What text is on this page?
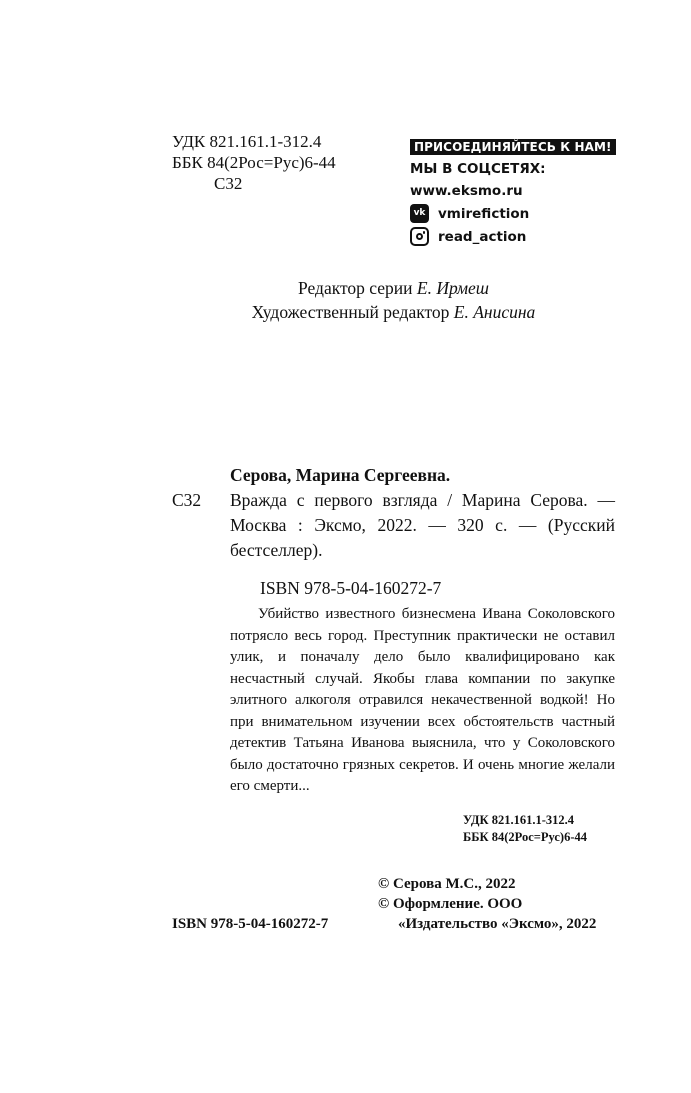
УДК 821.161.1-312.4
ББК 84(2Рос=Рус)6-44
С32
ПРИСОЕДИНЯЙТЕСЬ К НАМ!
МЫ В СОЦСЕТЯХ:
www.eksmo.ru
vk vmirefiction
read_action
Редактор серии Е. Ирмеш
Художественный редактор Е. Анисина
Серова, Марина Сергеевна.
С32	Вражда с первого взгляда / Марина Серова. — Москва : Эксмо, 2022. — 320 с. — (Русский бестселлер).
ISBN 978-5-04-160272-7
Убийство известного бизнесмена Ивана Соколовского потрясло весь город. Преступник практически не оставил улик, и поначалу дело было квалифицировано как несчастный случай. Якобы глава компании по закупке элитного алкоголя отравился некачественной водкой! Но при внимательном изучении всех обстоятельств частный детектив Татьяна Иванова выяснила, что у Соколовского было достаточно грязных секретов. И очень многие желали его смерти...
УДК 821.161.1-312.4
ББК 84(2Рос=Рус)6-44
© Серова М.С., 2022
© Оформление. ООО
«Издательство «Эксмо», 2022
ISBN 978-5-04-160272-7
